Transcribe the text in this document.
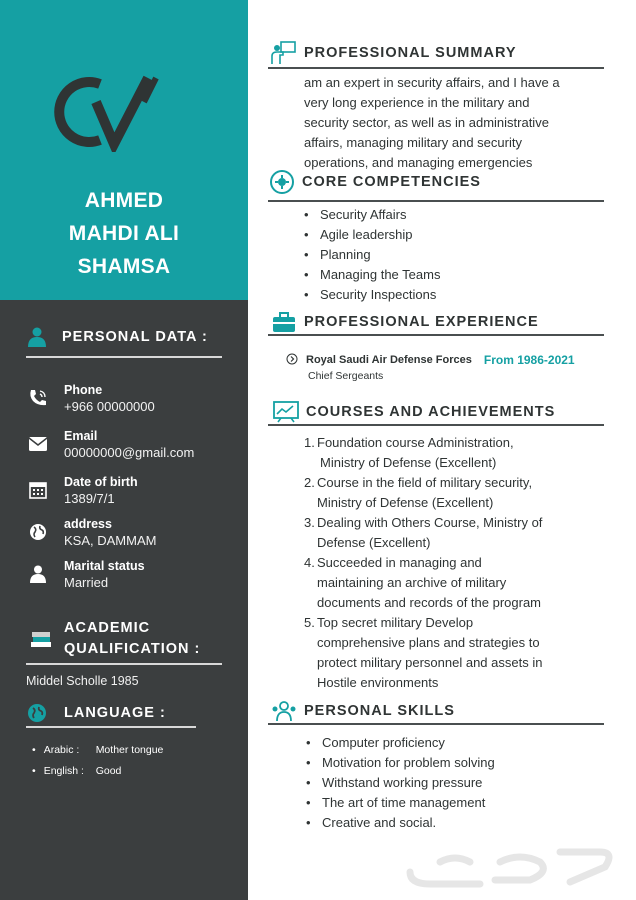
AHMED
MAHDI ALI
SHAMSA
PERSONAL DATA :
Phone
+966 00000000
Email
00000000@gmail.com
Date of birth
1389/7/1
address
KSA, DAMMAM
Marital status
Married
ACADEMIC
QUALIFICATION :
Middel Scholle 1985
LANGUAGE :
• Arabic :	Mother tongue
• English :	Good
PROFESSIONAL SUMMARY
am an expert in security affairs, and I have a
very long experience in the military and
security sector, as well as in administrative
affairs, managing military and security
operations, and managing emergencies
CORE COMPETENCIES
• Security Affairs
• Agile leadership
• Planning
• Managing the Teams
• Security Inspections
PROFESSIONAL EXPERIENCE
Royal Saudi Air Defense Forces From 1986-2021
Chief Sergeants
COURSES AND ACHIEVEMENTS
1. Foundation course Administration,
Ministry of Defense (Excellent)
2. Course in the field of military security,
Ministry of Defense (Excellent)
3. Dealing with Others Course, Ministry of
Defense (Excellent)
4. Succeeded in managing and
maintaining an archive of military
documents and records of the program
5. Top secret military Develop
comprehensive plans and strategies to
protect military personnel and assets in
Hostile environments
PERSONAL SKILLS
• Computer proficiency
• Motivation for problem solving
• Withstand working pressure
• The art of time management
• Creative and social.
